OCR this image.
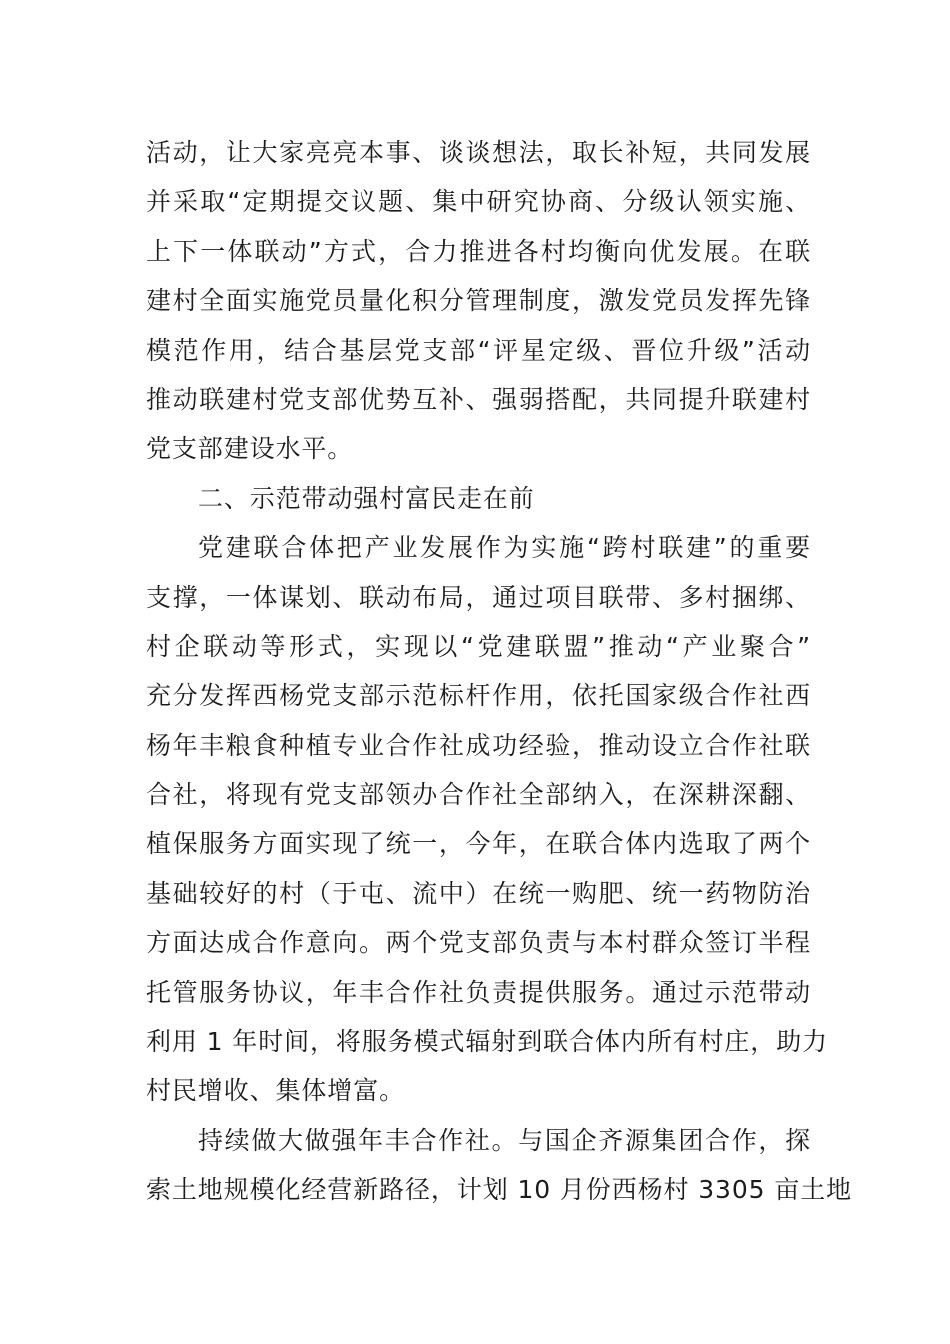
活动，让大家亮亮本事、谈谈想法，取长补短，共同发展
并采取“定期提交议题、集中研究协商、分级认领实施、
上下一体联动”方式，合力推进各村均衡向优发展。在联
建村全面实施党员量化积分管理制度，激发党员发挥先锋
模范作用，结合基层党支部“评星定级、晋位升级”活动
推动联建村党支部优势互补、强弱搭配，共同提升联建村
党支部建设水平。
二、示范带动强村富民走在前
党建联合体把产业发展作为实施“跨村联建”的重要
支撑，一体谋划、联动布局，通过项目联带、多村捆绑、
村企联动等形式，实现以“党建联盟”推动“产业聚合”
充分发挥西杨党支部示范标杆作用，依托国家级合作社西
杨年丰粮食种植专业合作社成功经验，推动设立合作社联
合社，将现有党支部领办合作社全部纳入，在深耕深翻、
植保服务方面实现了统一，今年，在联合体内选取了两个
基础较好的村（于屯、流中）在统一购肥、统一药物防治
方面达成合作意向。两个党支部负责与本村群众签订半程
托管服务协议，年丰合作社负责提供服务。通过示范带动
利用 1 年时间，将服务模式辐射到联合体内所有村庄，助力
村民增收、集体增富。
持续做大做强年丰合作社。与国企齐源集团合作，探
索土地规模化经营新路径，计划 10 月份西杨村 3305 亩土地
